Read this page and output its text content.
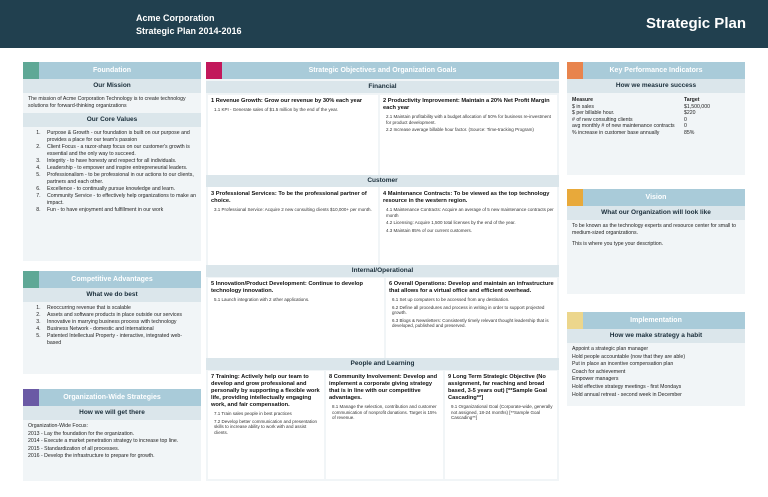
Acme Corporation
Strategic Plan 2014-2016	Strategic Plan
Foundation
Our Mission
The mission of Acme Corporation Technology is to create technology solutions for forward-thinking organizations
Our Core Values
1. Purpose & Growth - our foundation is built on our purpose and provides a place for our team's passion
2. Client Focus - a razor-sharp focus on our customer's growth is essential and the only way to succeed.
3. Integrity - to have honesty and respect for all individuals.
4. Leadership - to empower and inspire entrepreneurial leaders.
5. Professionalism - to be professional in our actions to our clients, partners and each other.
6. Excellence - to continually pursue knowledge and learn.
7. Community Service - to effectively help organizations to make an impact.
8. Fun - to have enjoyment and fulfillment in our work
Competitive Advantages
What we do best
1. Reoccurring revenue that is scalable
2. Assets and software products in place outside our services
3. Innovative in marrying business process with technology
4. Business Network - domestic and international
5. Patented Intellectual Property - interactive, integrated web-based
Organization-Wide Strategies
How we will get there
Organization-Wide Focus:
2013 - Lay the foundation for the organization.
2014 - Execute a market penetration strategy to increase top line.
2015 - Standardization of all processes.
2016 - Develop the infrastructure to prepare for growth.
Strategic Objectives and Organization Goals
Financial
1 Revenue Growth: Grow our revenue by 30% each year
1.1 KPI - Generate sales of $1.5 million by the end of the year.
2 Productivity Improvement: Maintain a 20% Net Profit Margin each year
2.1 Maintain profitability with a budget allocation of 50% for business re-investment for product development.
2.2 Increase average billable hour factor. (Source: Time-tracking Program)
Customer
3 Professional Services: To be the professional partner of choice.
3.1 Professional Service: Acquire 2 new consulting clients $10,000+ per month.
4 Maintenance Contracts: To be viewed as the top technology resource in the western region.
4.1 Maintenance Contracts: Acquire an average of 5 new maintenance contracts per month
4.2 Licensing: Acquire 1,500 total licenses by the end of the year.
4.3 Maintain 85% of our current customers.
Internal/Operational
5 Innovation/Product Development: Continue to develop technology innovation.
5.1 Launch integration with 2 other applications.
6 Overall Operations: Develop and maintain an infrastructure that allows for a virtual office and efficient overhead.
6.1 Set up computers to be accessed from any destination.
6.2 Define all procedures and process in writing in order to support projected growth.
6.3 Blogs & Newsletters: Consistently timely relevant thought leadership that is developed, published and preserved.
People and Learning
7 Training: Actively help our team to develop and grow professional and personally by supporting a flexible work life, providing intellectually engaging work, and fair compensation.
7.1 Train sales people in best practices
7.2 Develop better communication and presentation skills to increase ability to work with and assist clients.
8 Community Involvement: Develop and implement a corporate giving strategy that is in line with our competitive advantages.
8.1 Manage the selection, contribution and customer communication of nonprofit donations. Target is 15% of revenue.
9 Long Term Strategic Objective (No assignment, far reaching and broad based, 3-5 years out) [**Sample Goal Cascading**]
9.1 Organizational Goal (Corporate-wide, generally not assigned, 18-24 months) [**Sample Goal Cascading**]
Key Performance Indicators
How we measure success
Measure	Target
$ in sales	$1,500,000
$ per billable hour.	$220
# of new consulting clients	0
avg monthly # of new maintenance contracts	0
% increase in customer base annually	85%
Vision
What our Organization will look like
To be known as the technology experts and resource center for small to medium-sized organizations.
This is where you type your description.
Implementation
How we make strategy a habit
Appoint a strategic plan manager
Hold people accountable (now that they are able)
Put in place an incentive compensation plan
Coach for achievement
Empower managers
Hold effective strategy meetings - first Mondays
Hold annual retreat - second week in December
